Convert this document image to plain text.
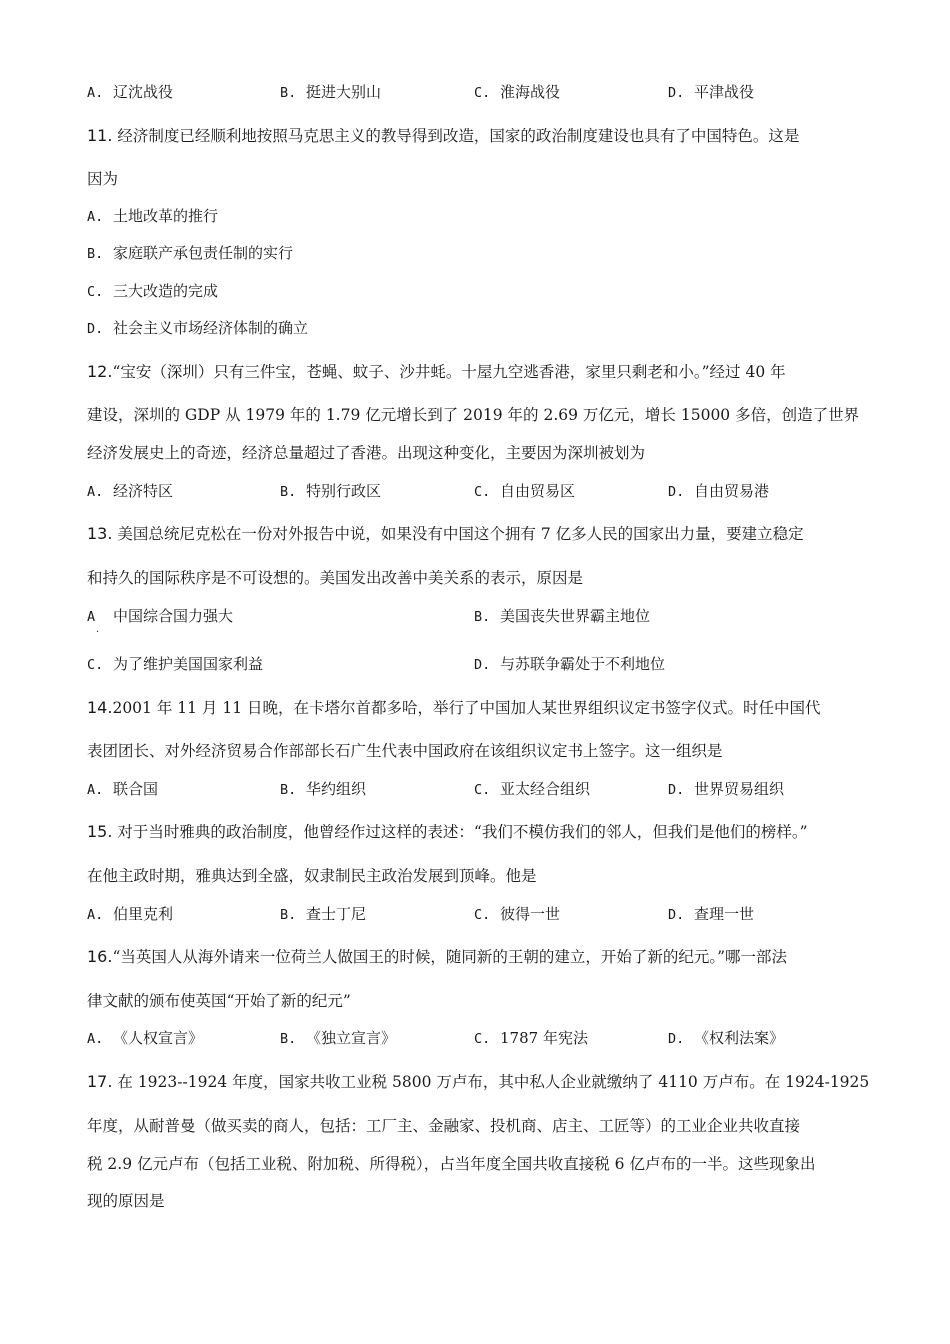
A. 辽沈战役	B. 挺进大别山	C. 淮海战役	D. 平津战役
11. 经济制度已经顺利地按照马克思主义的教导得到改造，国家的政治制度建设也具有了中国特色。这是
因为
A. 土地改革的推行
B. 家庭联产承包责任制的实行
C. 三大改造的完成
D. 社会主义市场经济体制的确立
12.“宝安（深圳）只有三件宝，苍蝇、蚊子、沙井蚝。十屋九空逃香港，家里只剩老和小。”经过 40 年
建设，深圳的 GDP 从 1979 年的 1.79 亿元增长到了 2019 年的 2.69 万亿元，增长 15000 多倍，创造了世界
经济发展史上的奇迹，经济总量超过了香港。出现这种变化，主要因为深圳被划为
A. 经济特区	B. 特别行政区	C. 自由贸易区	D. 自由贸易港
13. 美国总统尼克松在一份对外报告中说，如果没有中国这个拥有 7 亿多人民的国家出力量，要建立稳定
和持久的国际秩序是不可设想的。美国发出改善中美关系的表示，原因是
A 中国综合国力强大
·
B. 美国丧失世界霸主地位
C. 为了维护美国国家利益	D. 与苏联争霸处于不利地位
14.2001 年 11 月 11 日晚，在卡塔尔首都多哈，举行了中国加人某世界组织议定书签字仪式。时任中国代
表团团长、对外经济贸易合作部部长石广生代表中国政府在该组织议定书上签字。这一组织是
A. 联合国	B. 华约组织	C. 亚太经合组织	D. 世界贸易组织
15. 对于当时雅典的政治制度，他曾经作过这样的表述：“我们不模仿我们的邻人，但我们是他们的榜样。”
在他主政时期，雅典达到全盛，奴隶制民主政治发展到顶峰。他是
A. 伯里克利	B. 查士丁尼	C. 彼得一世	D. 查理一世
16.“当英国人从海外请来一位荷兰人做国王的时候，随同新的王朝的建立，开始了新的纪元。”哪一部法
律文献的颁布使英国“开始了新的纪元”
A. 《人权宣言》	B. 《独立宣言》	C. 1787 年宪法	D. 《权利法案》
17. 在 1923--1924 年度，国家共收工业税 5800 万卢布，其中私人企业就缴纳了 4110 万卢布。在 1924-1925
年度，从耐普曼（做买卖的商人，包括：工厂主、金融家、投机商、店主、工匠等）的工业企业共收直接
税 2.9 亿元卢布（包括工业税、附加税、所得税），占当年度全国共收直接税 6 亿卢布的一半。这些现象出
现的原因是
